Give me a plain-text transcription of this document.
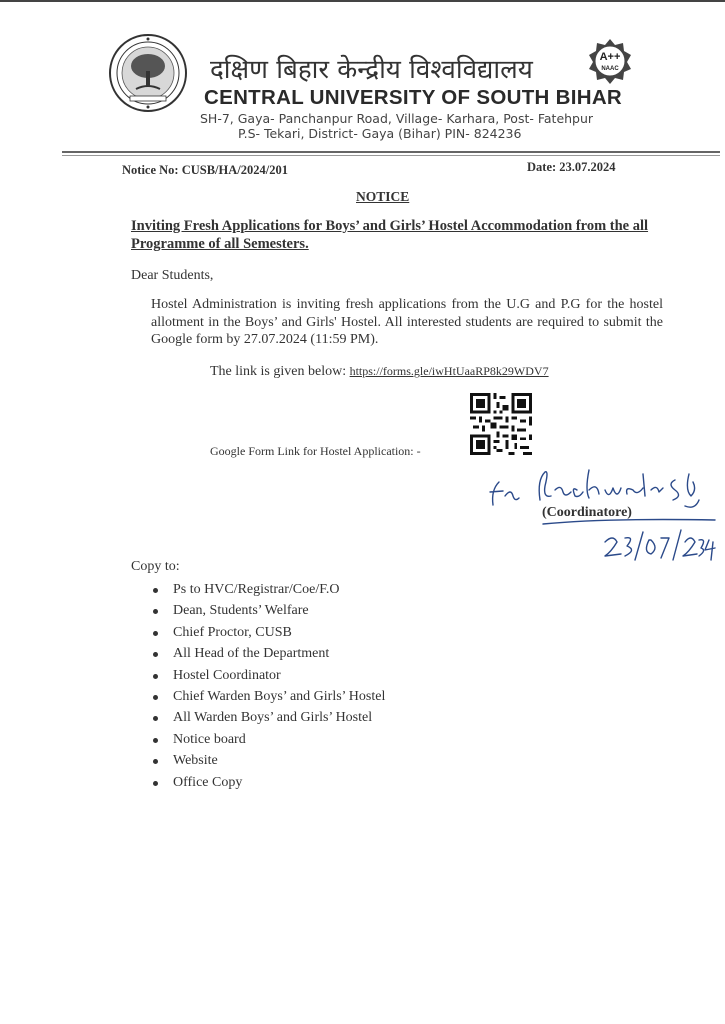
A++
NAAC
दक्षिण बिहार केन्द्रीय विश्वविद्यालय
CENTRAL UNIVERSITY OF SOUTH BIHAR
SH-7, Gaya- Panchanpur Road, Village- Karhara, Post- Fatehpur
P.S- Tekari, District- Gaya (Bihar) PIN- 824236
Notice No: CUSB/HA/2024/201	Date: 23.07.2024
NOTICE
Inviting Fresh Applications for Boys’ and Girls’ Hostel Accommodation from the all Programme of all Semesters.
Dear Students,
Hostel Administration is inviting fresh applications from the U.G and P.G for the hostel allotment in the Boys’ and Girls' Hostel. All interested students are required to submit the Google form by 27.07.2024 (11:59 PM).
The link is given below: https://forms.gle/iwHtUaaRP8k29WDV7
Google Form Link for Hostel Application: -
(Coordinatore)
Copy to:
Ps to HVC/Registrar/Coe/F.O
Dean, Students’ Welfare
Chief Proctor, CUSB
All Head of the Department
Hostel Coordinator
Chief Warden Boys’ and Girls’ Hostel
All Warden Boys’ and Girls’ Hostel
Notice board
Website
Office Copy
